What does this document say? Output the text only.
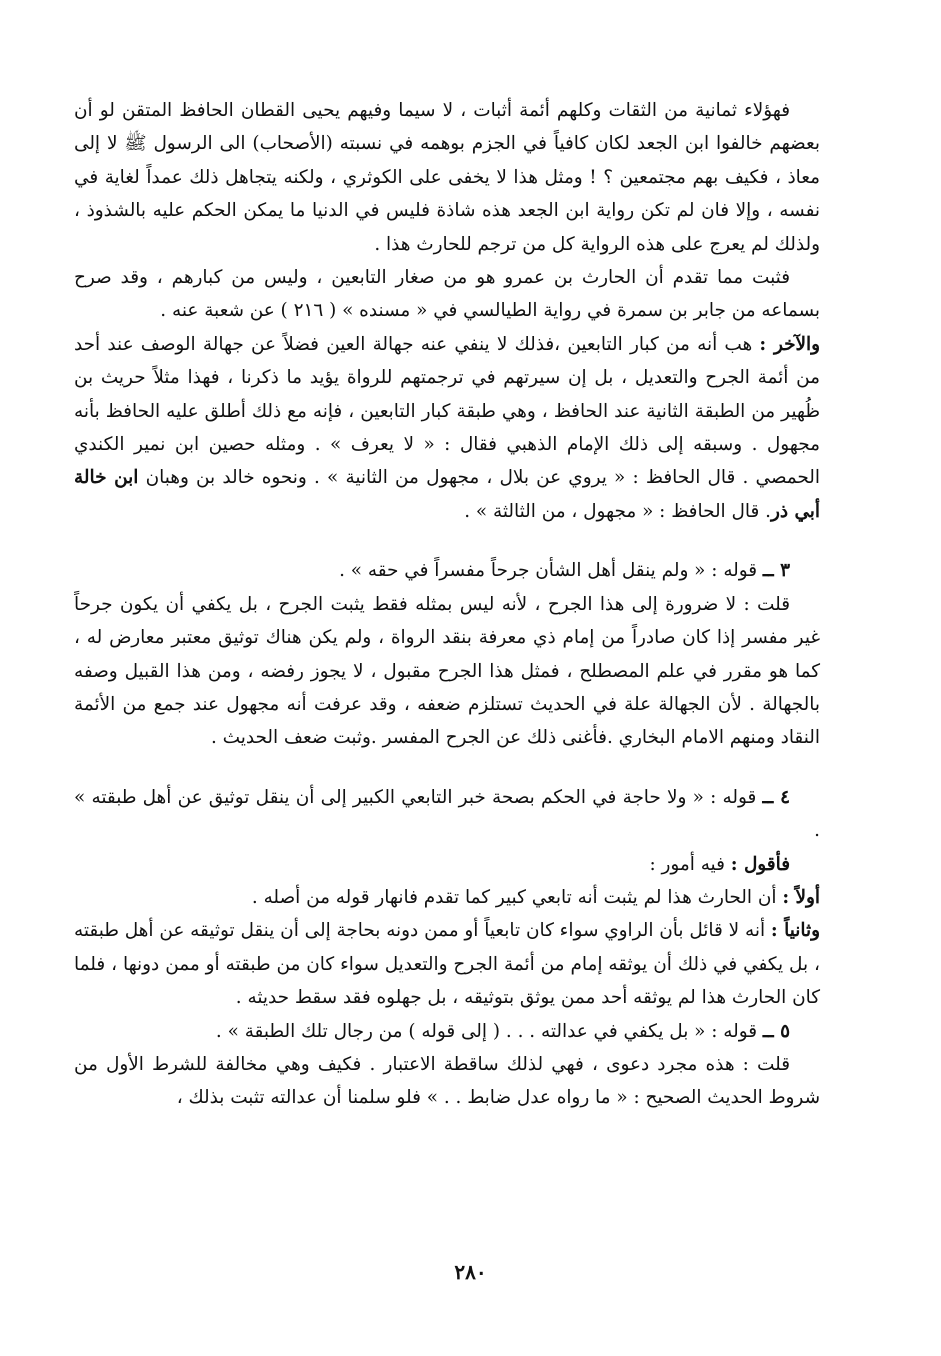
فهؤلاء ثمانية من الثقات وكلهم أئمة أثبات ، لا سيما وفيهم يحيى القطان الحافظ المتقن لو أن بعضهم خالفوا ابن الجعد لكان كافياً في الجزم بوهمه في نسبته (الأصحاب) الى الرسول ﷺ لا إلى معاذ ، فكيف بهم مجتمعين ؟ ! ومثل هذا لا يخفى على الكوثري ، ولكنه يتجاهل ذلك عمداً لغاية في نفسه ، وإلا فان لم تكن رواية ابن الجعد هذه شاذة فليس في الدنيا ما يمكن الحكم عليه بالشذوذ ، ولذلك لم يعرج على هذه الرواية كل من ترجم للحارث هذا .

فثبت مما تقدم أن الحارث بن عمرو هو من صغار التابعين ، وليس من كبارهم ، وقد صرح بسماعه من جابر بن سمرة في رواية الطيالسي في « مسنده » ( ٢١٦ ) عن شعبة عنه .

والآخر : هب أنه من كبار التابعين ،فذلك لا ينفي عنه جهالة العين فضلاً عن جهالة الوصف عند أحد من أئمة الجرح والتعديل ، بل إن سيرتهم في ترجمتهم للرواة يؤيد ما ذكرنا ، فهذا مثلاً حريث بن ظُهير من الطبقة الثانية عند الحافظ ، وهي طبقة كبار التابعين ، فإنه مع ذلك أطلق عليه الحافظ بأنه مجهول . وسبقه إلى ذلك الإمام الذهبي فقال : « لا يعرف » . ومثله حصين ابن نمير الكندي الحمصي . قال الحافظ : « يروي عن بلال ، مجهول من الثانية » . ونحوه خالد بن وهبان ابن خالة أبي ذر. قال الحافظ : « مجهول ، من الثالثة » .

٣ ــ قوله : « ولم ينقل أهل الشأن جرحاً مفسراً في حقه » .

قلت : لا ضرورة إلى هذا الجرح ، لأنه ليس بمثله فقط يثبت الجرح ، بل يكفي أن يكون جرحاً غير مفسر إذا كان صادراً من إمام ذي معرفة بنقد الرواة ، ولم يكن هناك توثيق معتبر معارض له ، كما هو مقرر في علم المصطلح ، فمثل هذا الجرح مقبول ، لا يجوز رفضه ، ومن هذا القبيل وصفه بالجهالة . لأن الجهالة علة في الحديث تستلزم ضعفه ، وقد عرفت أنه مجهول عند جمع من الأئمة النقاد ومنهم الامام البخاري .فأغنى ذلك عن الجرح المفسر .وثبت ضعف الحديث .

٤ ــ قوله : « ولا حاجة في الحكم بصحة خبر التابعي الكبير إلى أن ينقل توثيق عن أهل طبقته » .

فأقول : فيه أمور :

أولاً : أن الحارث هذا لم يثبت أنه تابعي كبير كما تقدم فانهار قوله من أصله .

وثانياً : أنه لا قائل بأن الراوي سواء كان تابعياً أو ممن دونه بحاجة إلى أن ينقل توثيقه عن أهل طبقته ، بل يكفي في ذلك أن يوثقه إمام من أئمة الجرح والتعديل سواء كان من طبقته أو ممن دونها ، فلما كان الحارث هذا لم يوثقه أحد ممن يوثق بتوثيقه ، بل جهلوه فقد سقط حديثه .

٥ ــ قوله : « بل يكفي في عدالته . . . ( إلى قوله ) من رجال تلك الطبقة » .

قلت : هذه مجرد دعوى ، فهي لذلك ساقطة الاعتبار . فكيف وهي مخالفة للشرط الأول من شروط الحديث الصحيح : « ما رواه عدل ضابط . . » فلو سلمنا أن عدالته تثبت بذلك ،

٢٨٠
